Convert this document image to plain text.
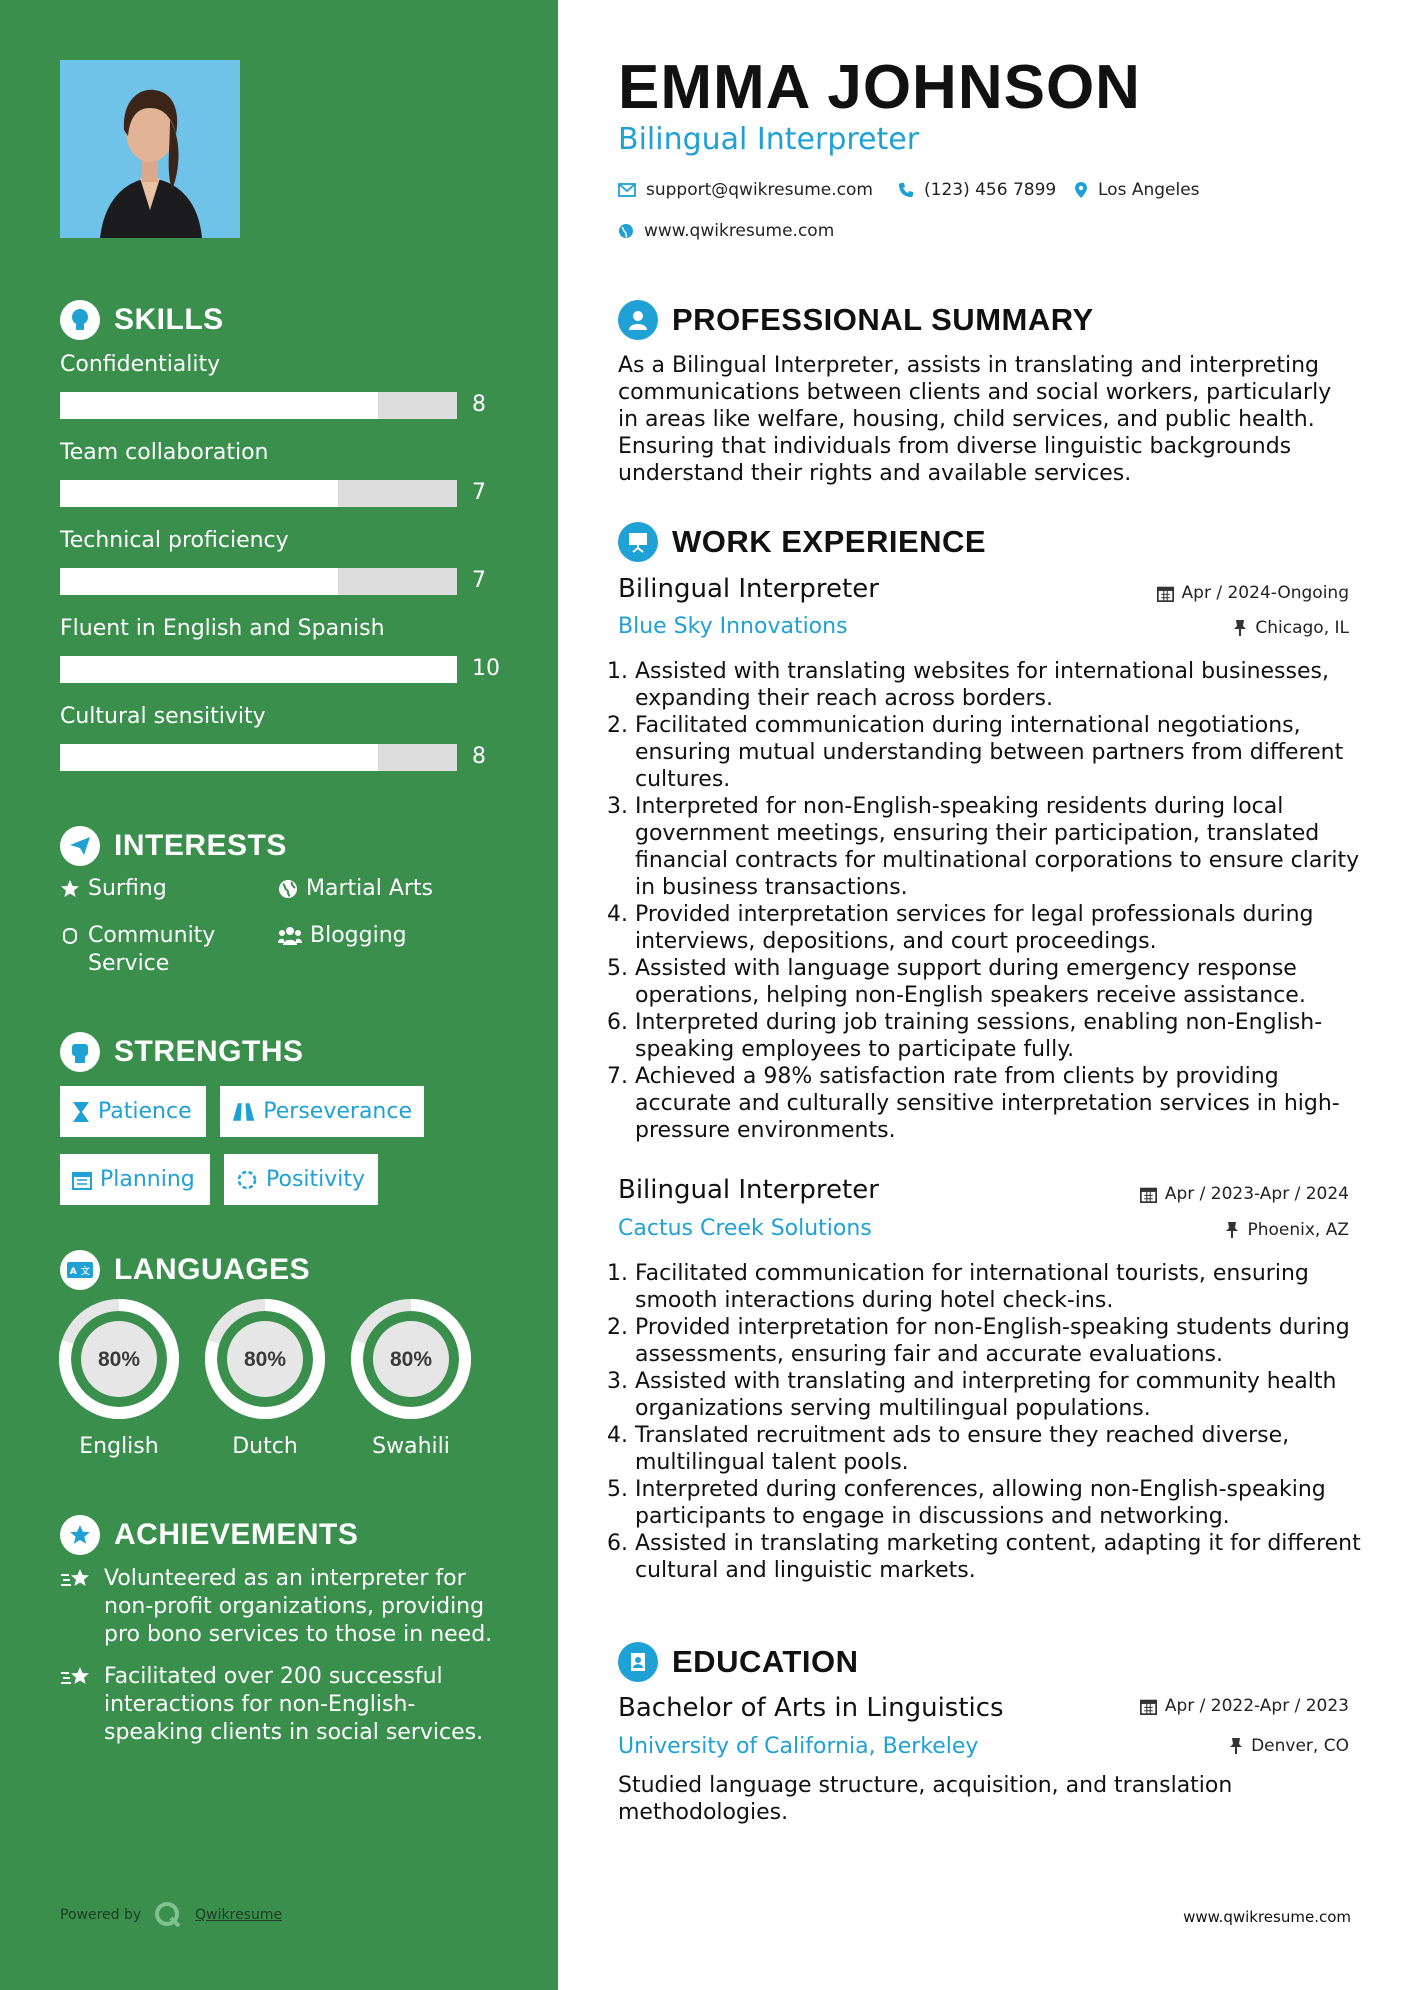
SKILLS
Confidentiality
8
Team collaboration
7
Technical proficiency
7
Fluent in English and Spanish
10
Cultural sensitivity
8
INTERESTS
Surfing	Martial Arts
Community Service
Blogging
STRENGTHS
Patience	Perseverance
Planning	Positivity
A 文 LANGUAGES
80%
English
80%
Dutch
80%
Swahili
ACHIEVEMENTS
Volunteered as an interpreter for non-profit organizations, providing pro bono services to those in need.
Facilitated over 200 successful interactions for non-English-speaking clients in social services.
Powered by	Qwikresume
EMMA JOHNSON
Bilingual Interpreter
support@qwikresume.com	(123) 456 7899 Los Angeles
www.qwikresume.com
PROFESSIONAL SUMMARY
As a Bilingual Interpreter, assists in translating and interpreting communications between clients and social workers, particularly in areas like welfare, housing, child services, and public health. Ensuring that individuals from diverse linguistic backgrounds understand their rights and available services.
WORK EXPERIENCE
Bilingual Interpreter	Apr / 2024-Ongoing
Blue Sky Innovations	Chicago, IL
1. Assisted with translating websites for international businesses, expanding their reach across borders.
2. Facilitated communication during international negotiations, ensuring mutual understanding between partners from different cultures.
3. Interpreted for non-English-speaking residents during local government meetings, ensuring their participation, translated financial contracts for multinational corporations to ensure clarity in business transactions.
4. Provided interpretation services for legal professionals during interviews, depositions, and court proceedings.
5. Assisted with language support during emergency response operations, helping non-English speakers receive assistance.
6. Interpreted during job training sessions, enabling non-English-speaking employees to participate fully.
7. Achieved a 98% satisfaction rate from clients by providing accurate and culturally sensitive interpretation services in high-pressure environments.
Bilingual Interpreter	Apr / 2023-Apr / 2024
Cactus Creek Solutions	Phoenix, AZ
1. Facilitated communication for international tourists, ensuring smooth interactions during hotel check-ins.
2. Provided interpretation for non-English-speaking students during assessments, ensuring fair and accurate evaluations.
3. Assisted with translating and interpreting for community health organizations serving multilingual populations.
4. Translated recruitment ads to ensure they reached diverse, multilingual talent pools.
5. Interpreted during conferences, allowing non-English-speaking participants to engage in discussions and networking.
6. Assisted in translating marketing content, adapting it for different cultural and linguistic markets.
EDUCATION
Bachelor of Arts in Linguistics	Apr / 2022-Apr / 2023
University of California, Berkeley	Denver, CO
Studied language structure, acquisition, and translation methodologies.
www.qwikresume.com
